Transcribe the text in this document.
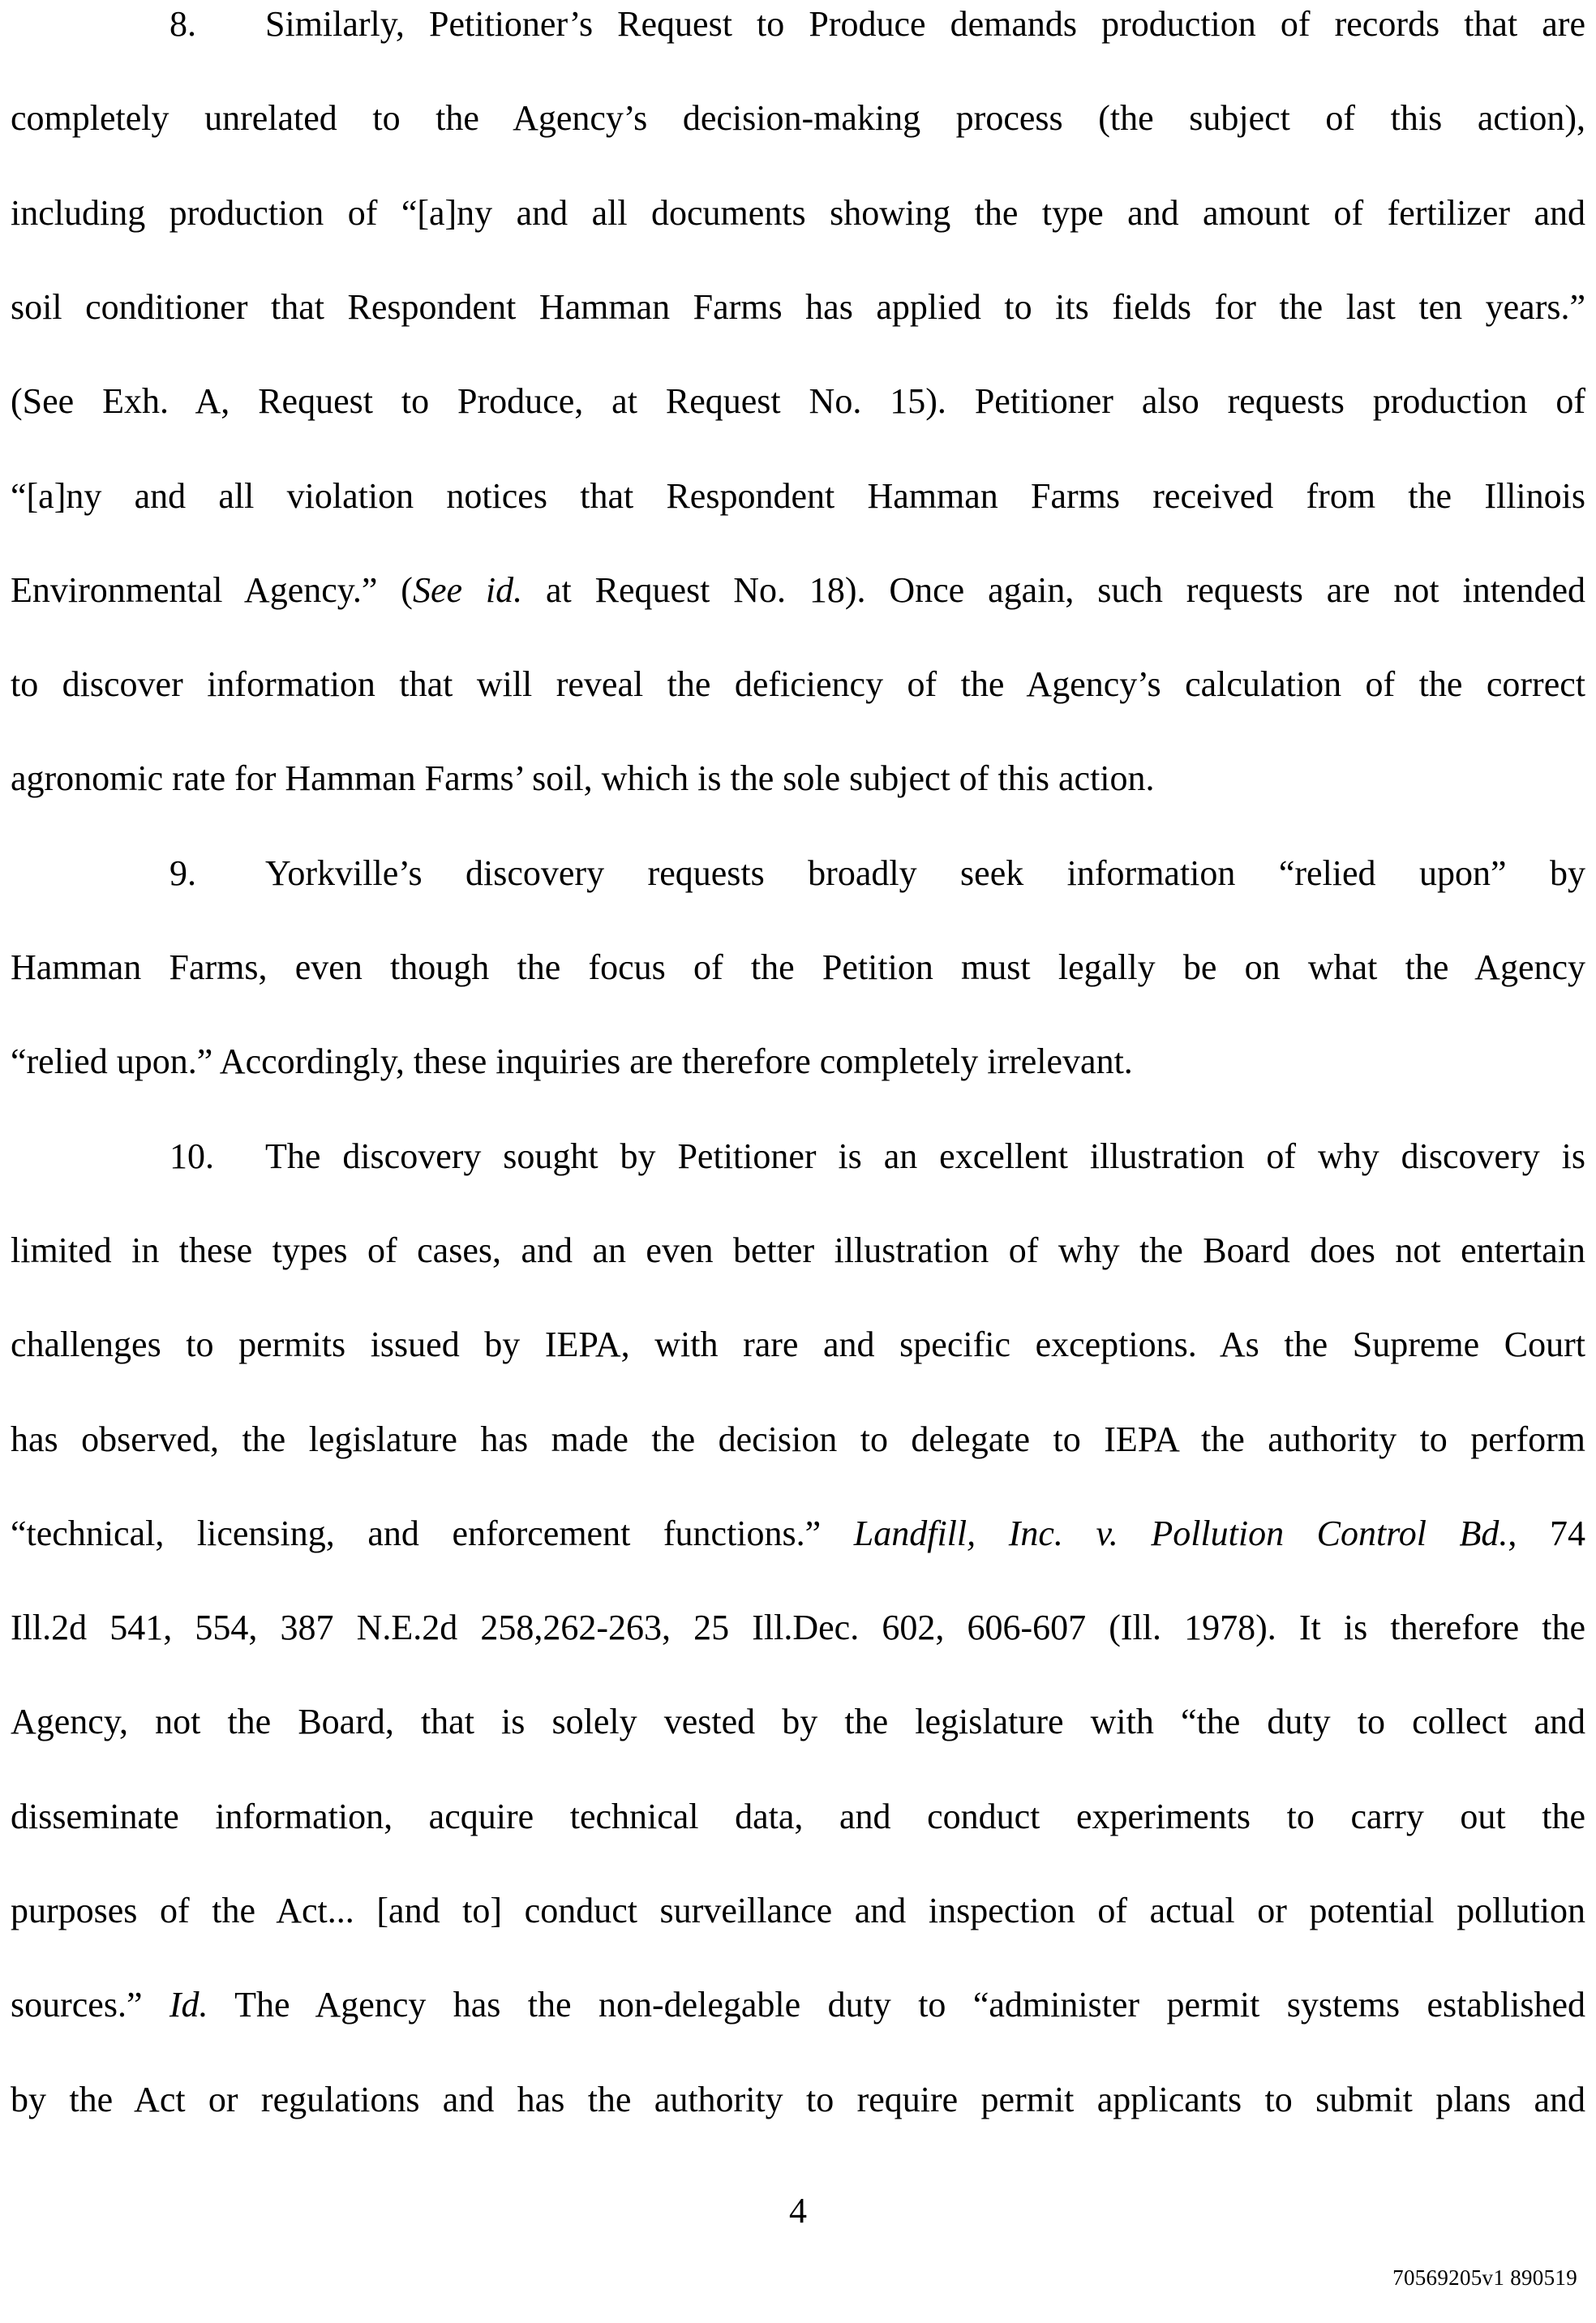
8. Similarly, Petitioner’s Request to Produce demands production of records that are
completely unrelated to the Agency’s decision-making process (the subject of this action),
including production of “[a]ny and all documents showing the type and amount of fertilizer and
soil conditioner that Respondent Hamman Farms has applied to its fields for the last ten years.”
(See Exh. A, Request to Produce, at Request No. 15). Petitioner also requests production of
“[a]ny and all violation notices that Respondent Hamman Farms received from the Illinois
Environmental Agency.” (See id. at Request No. 18). Once again, such requests are not intended
to discover information that will reveal the deficiency of the Agency’s calculation of the correct
agronomic rate for Hamman Farms’ soil, which is the sole subject of this action.
9. Yorkville’s discovery requests broadly seek information “relied upon” by
Hamman Farms, even though the focus of the Petition must legally be on what the Agency
“relied upon.” Accordingly, these inquiries are therefore completely irrelevant.
10. The discovery sought by Petitioner is an excellent illustration of why discovery is
limited in these types of cases, and an even better illustration of why the Board does not entertain
challenges to permits issued by IEPA, with rare and specific exceptions. As the Supreme Court
has observed, the legislature has made the decision to delegate to IEPA the authority to perform
“technical, licensing, and enforcement functions.” Landfill, Inc. v. Pollution Control Bd., 74
Ill.2d 541, 554, 387 N.E.2d 258,262-263, 25 Ill.Dec. 602, 606-607 (Ill. 1978). It is therefore the
Agency, not the Board, that is solely vested by the legislature with “the duty to collect and
disseminate information, acquire technical data, and conduct experiments to carry out the
purposes of the Act... [and to] conduct surveillance and inspection of actual or potential pollution
sources.” Id. The Agency has the non-delegable duty to “administer permit systems established
by the Act or regulations and has the authority to require permit applicants to submit plans and
4
70569205v1 890519
